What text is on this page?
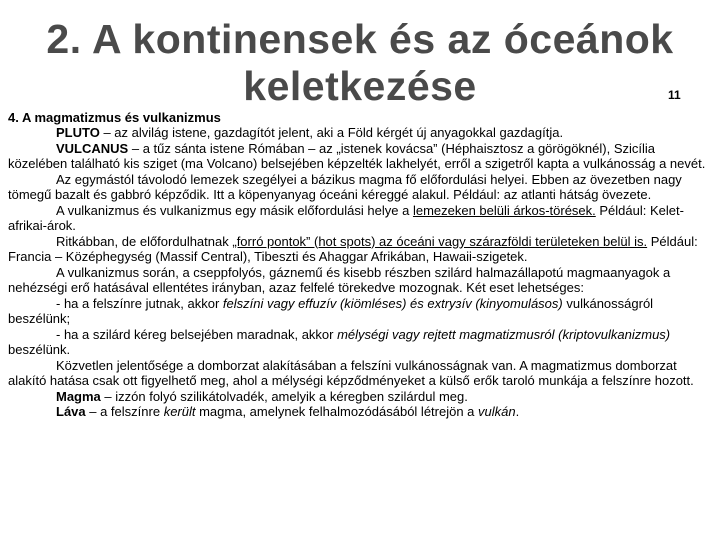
2. A kontinensek és az óceánok
keletkezése	11
4. A magmatizmus és vulkanizmus

PLUTO – az alvilág istene, gazdagítót jelent, aki a Föld kérgét új anyagokkal gazdagítja.

VULCANUS – a tűz sánta istene Rómában – az „istenek kovácsa” (Héphaisztosz a görögöknél), Szicília közelében található kis sziget (ma Volcano) belsejében képzelték lakhelyét, erről a szigetről kapta a vulkánosság a nevét.

Az egymástól távolodó lemezek szegélyei a bázikus magma fő előfordulási helyei. Ebben az övezetben nagy tömegű bazalt és gabbró képződik. Itt a köpenyanyag óceáni kéreggé alakul. Például: az atlanti hátság övezete.

A vulkanizmus és vulkanizmus egy másik előfordulási helye a lemezeken belüli árkos-törések. Például: Kelet-afrikai-árok.

Ritkábban, de előfordulhatnak „forró pontok” (hot spots) az óceáni vagy szárazföldi területeken belül is. Például: Francia – Középhegység (Massif Central), Tibeszti és Ahaggar Afrikában, Hawaii-szigetek.

A vulkanizmus során, a cseppfolyós, gáznemű és kisebb részben szilárd halmazállapotú magmaanyagok a nehézségi erő hatásával ellentétes irányban, azaz felfelé törekedve mozognak. Két eset lehetséges:

- ha a felszínre jutnak, akkor felszíni vagy effuzív (kiömléses) és extrузív (kinyomulásos) vulkánosságról beszélünk;

- ha a szilárd kéreg belsejében maradnak, akkor mélységi vagy rejtett magmatizmusról (kriptovulkanizmus) beszélünk.

Közvetlen jelentősége a domborzat alakításában a felszíni vulkánosságnak van. A magmatizmus domborzat alakító hatása csak ott figyelhető meg, ahol a mélységi képződményeket a külső erők taroló munkája a felszínre hozott.

Magma – izzón folyó szilikátolvadék, amelyik a kéregben szilárdul meg.

Láva – a felszínre került magma, amelynek felhalmozódásából létrejön a vulkán.
